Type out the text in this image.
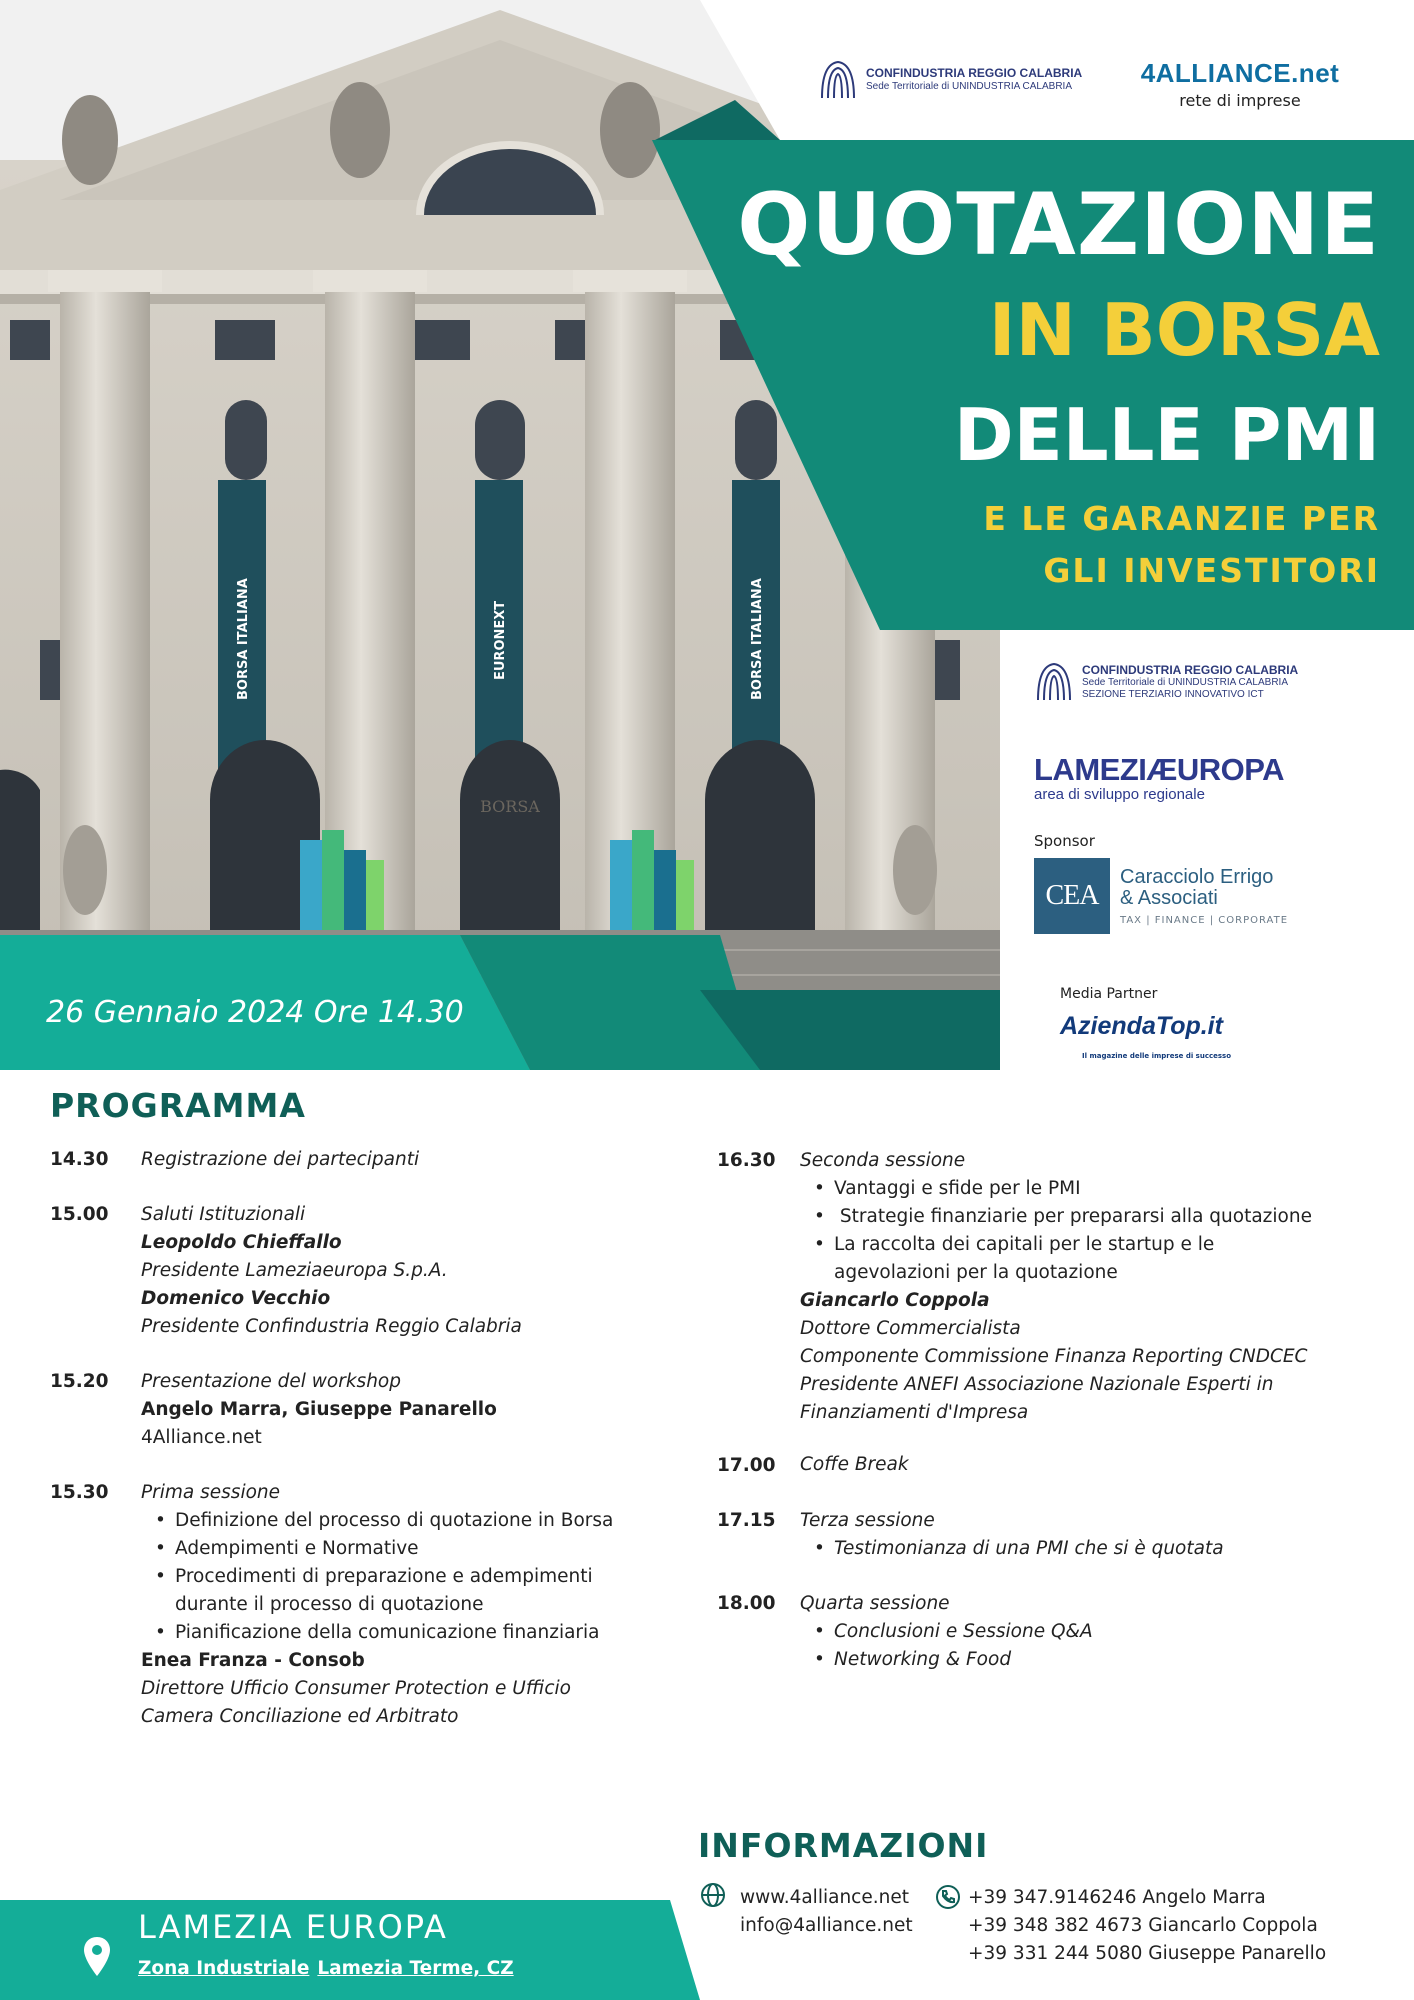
BORSA ITALIANA	EURONEXT	BORSA ITALIANA
BORSA
CONFINDUSTRIA REGGIO CALABRIA
Sede Territoriale di UNINDUSTRIA CALABRIA	4ALLIANCE.net
rete di imprese
QUOTAZIONE
IN BORSA
DELLE PMI
E LE GARANZIE PER
GLI INVESTITORI
CONFINDUSTRIA REGGIO CALABRIA
Sede Territoriale di UNINDUSTRIA CALABRIA
SEZIONE TERZIARIO INNOVATIVO ICT
LAMEZIÆUROPA
area di sviluppo regionale
Sponsor
CEA
Caracciolo Errigo
& Associati
TAX | FINANCE | CORPORATE
Media Partner
AziendaTop.it
Il magazine delle imprese di successo
26 Gennaio 2024 Ore 14.30
PROGRAMMA
14.30 Registrazione dei partecipanti
15.00 Saluti Istituzionali
Leopoldo Chieffallo
Presidente Lameziaeuropa S.p.A.
Domenico Vecchio
Presidente Confindustria Reggio Calabria
15.20 Presentazione del workshop
Angelo Marra, Giuseppe Panarello
4Alliance.net
15.30 Prima sessione
• Definizione del processo di quotazione in Borsa
• Adempimenti e Normative
• Procedimenti di preparazione e adempimenti durante il processo di quotazione
• Pianificazione della comunicazione finanziaria
Enea Franza - Consob
Direttore Ufficio Consumer Protection e Ufficio Camera Conciliazione ed Arbitrato
16.30 Seconda sessione
• Vantaggi e sfide per le PMI
•  Strategie finanziarie per prepararsi alla quotazione
• La raccolta dei capitali per le startup e le agevolazioni per la quotazione
Giancarlo Coppola
Dottore Commercialista
Componente Commissione Finanza Reporting CNDCEC
Presidente ANEFI Associazione Nazionale Esperti in Finanziamenti d'Impresa
17.00 Coffe Break
17.15 Terza sessione
• Testimonianza di una PMI che si è quotata
18.00 Quarta sessione
• Conclusioni e Sessione Q&A
• Networking & Food
INFORMAZIONI
www.4alliance.net
info@4alliance.net
+39 347.9146246 Angelo Marra
+39 348 382 4673 Giancarlo Coppola
+39 331 244 5080 Giuseppe Panarello
LAMEZIA EUROPA
Zona Industriale Lamezia Terme, CZ
